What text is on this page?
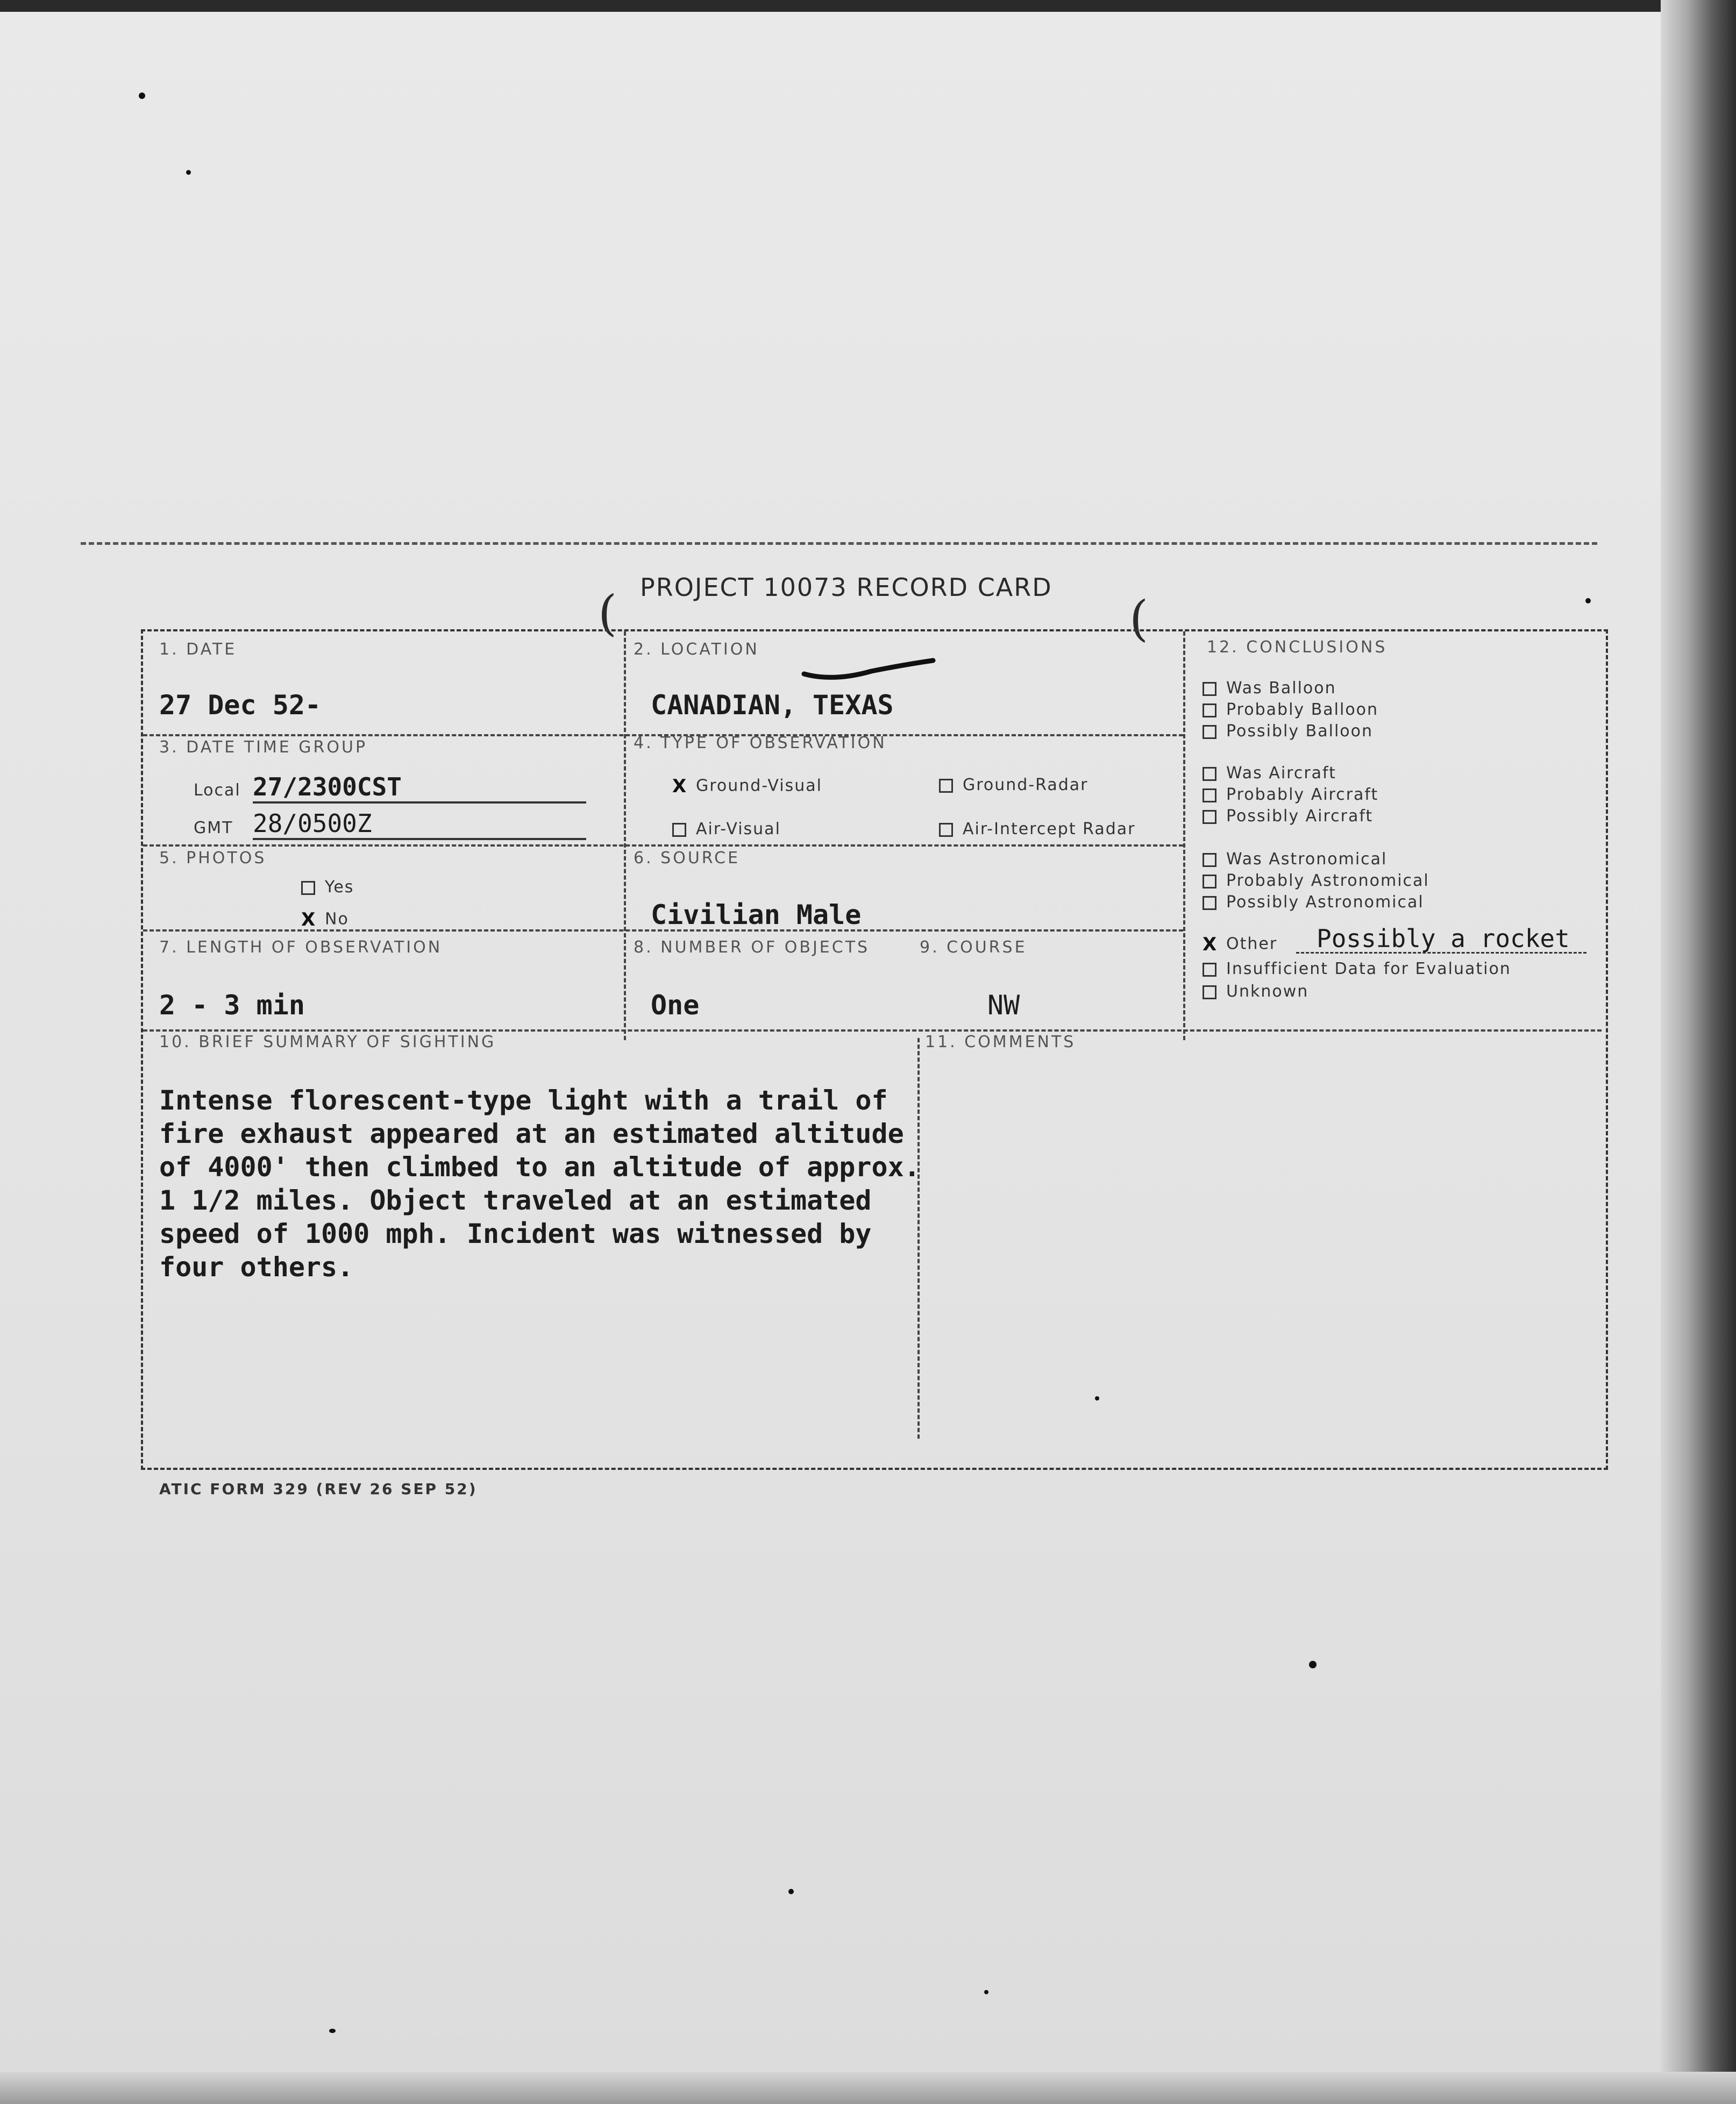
PROJECT 10073 RECORD CARD
(	(
1. DATE
27 Dec 52-
2. LOCATION
CANADIAN, TEXAS
3. DATE TIME GROUP
Local 27/2300CST
GMT 28/0500Z
4. TYPE OF OBSERVATION
X Ground-Visual	Ground-Radar
Air-Visual	Air-Intercept Radar
5. PHOTOS
Yes
X No
6. SOURCE
Civilian Male
7. LENGTH OF OBSERVATION
2 - 3 min
8. NUMBER OF OBJECTS
One
9. COURSE
NW
10. BRIEF SUMMARY OF SIGHTING
Intense florescent-type light with a trail of
fire exhaust appeared at an estimated altitude
of 4000' then climbed to an altitude of approx.
1 1/2 miles. Object traveled at an estimated
speed of 1000 mph. Incident was witnessed by
four others.
11. COMMENTS
12. CONCLUSIONS
Was Balloon
Probably Balloon
Possibly Balloon
Was Aircraft
Probably Aircraft
Possibly Aircraft
Was Astronomical
Probably Astronomical
Possibly Astronomical
X Other Possibly a rocket
Insufficient Data for Evaluation
Unknown
ATIC FORM 329 (REV 26 SEP 52)
